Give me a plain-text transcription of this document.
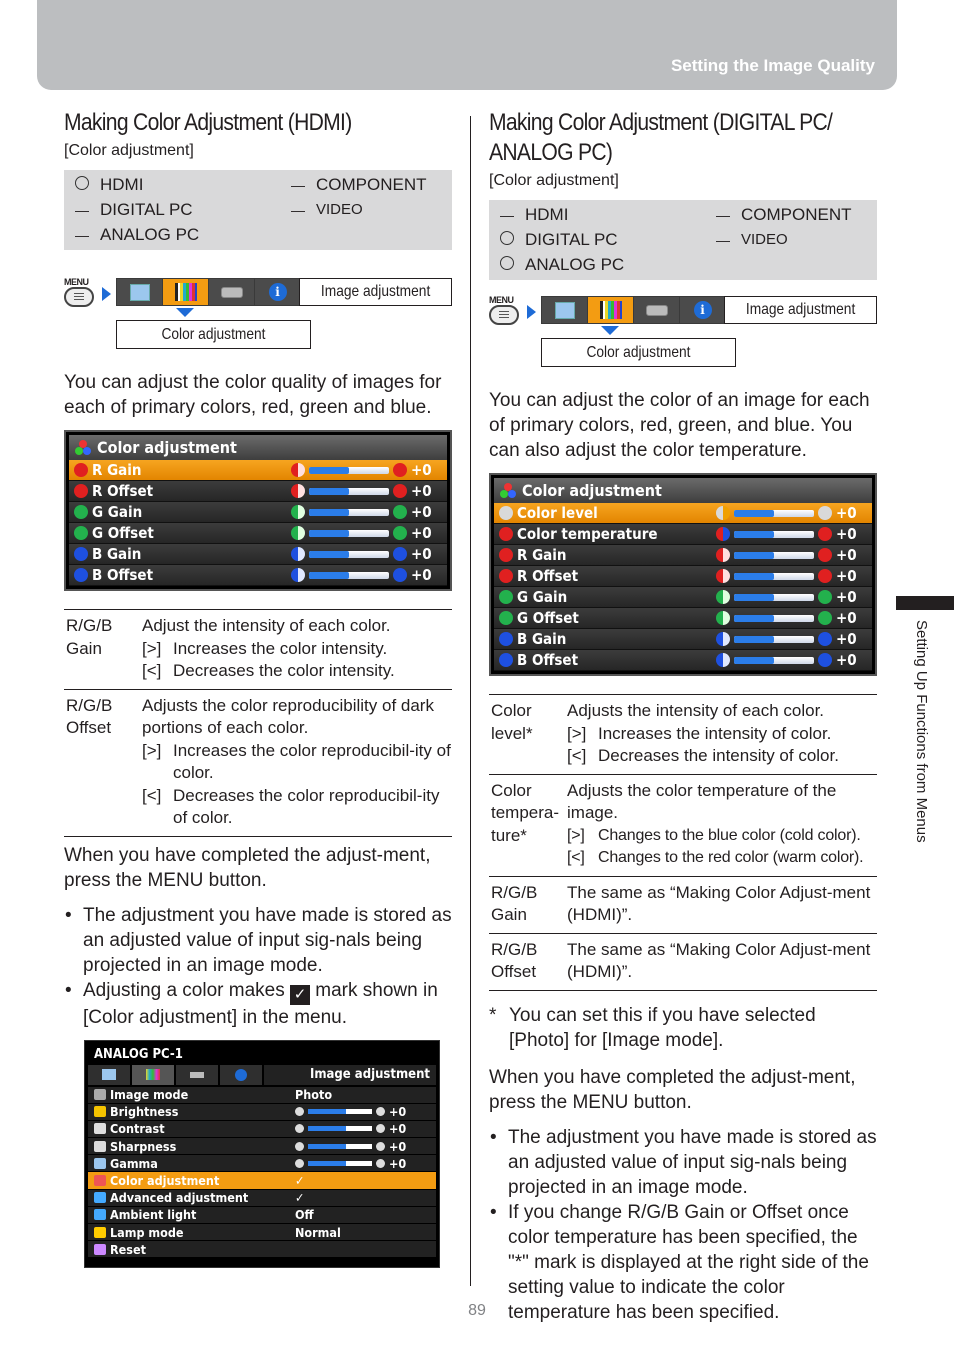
Setting the Image Quality
Making Color Adjustment (HDMI)
[Color adjustment]
HDMI	— COMPONENT
— DIGITAL PC	— VIDEO
— ANALOG PC
MENU
i	Image adjustment
Color adjustment

You can adjust the color quality of images for each of primary colors, red, green and blue.

Color adjustment
R Gain	+0
R Offset	+0
G Gain	+0
G Offset	+0
B Gain	+0
B Offset	+0
R/G/B Gain	Adjust the intensity of each color.
[>] Increases the color intensity.
[<] Decreases the color intensity.

R/G/B Offset	Adjusts the color reproducibility of dark portions of each color.
[>] Increases the color reproducibil-ity of color.
[<] Decreases the color reproducibil-ity of color.

When you have completed the adjust-ment, press the MENU button.

• The adjustment you have made is stored as an adjusted value of input sig-nals being projected in an image mode.
• Adjusting a color makes ✓ mark shown in [Color adjustment] in the menu.
ANALOG PC-1
Image adjustment
Image mode	Photo
Brightness	+0
Contrast	+0
Sharpness	+0
Gamma	+0
Color adjustment	✓
Advanced adjustment	✓
Ambient light	Off
Lamp mode	Normal
Reset
Making Color Adjustment (DIGITAL PC/
ANALOG PC)
[Color adjustment]
— HDMI	— COMPONENT
DIGITAL PC	— VIDEO
ANALOG PC
MENU
i	Image adjustment
Color adjustment

You can adjust the color of an image for each of primary colors, red, green, and blue. You can also adjust the color temperature.

Color adjustment
Color level	+0
Color temperature	+0
R Gain	+0
R Offset	+0
G Gain	+0
G Offset	+0
B Gain	+0
B Offset	+0
Color level*	Adjusts the intensity of each color.
[>] Increases the intensity of color.
[<] Decreases the intensity of color.

Color tempera-ture*	Adjusts the color temperature of the image.
[>] Changes to the blue color (cold color).
[<] Changes to the red color (warm color).

R/G/B Gain	The same as “Making Color Adjust-ment (HDMI)”.
R/G/B Offset	The same as “Making Color Adjust-ment (HDMI)”.
* You can set this if you have selected [Photo] for [Image mode].

When you have completed the adjust-ment, press the MENU button.

• The adjustment you have made is stored as an adjusted value of input sig-nals being projected in an image mode.
• If you change R/G/B Gain or Offset once color temperature has been specified, the "*" mark is displayed at the right side of the setting value to indicate the color temperature has been specified.
Setting Up Functions from Menus
89
